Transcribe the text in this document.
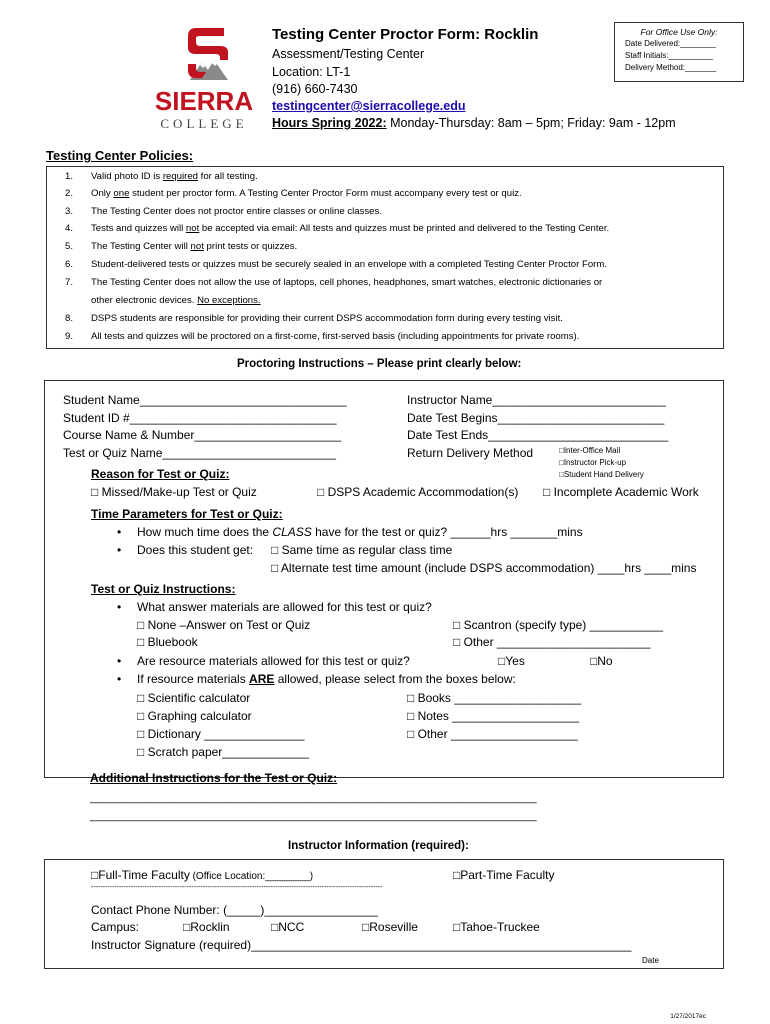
SIERRA
COLLEGE
Testing Center Proctor Form: Rocklin
Assessment/Testing Center
Location: LT-1
(916) 660-7430
testingcenter@sierracollege.edu
Hours Spring 2022: Monday-Thursday: 8am – 5pm; Friday: 9am - 12pm
For Office Use Only:
Date Delivered:________
Staff Initials:__________
Delivery Method:_______
Testing Center Policies:
1. Valid photo ID is required for all testing.
2. Only one student per proctor form. A Testing Center Proctor Form must accompany every test or quiz.
3. The Testing Center does not proctor entire classes or online classes.
4. Tests and quizzes will not be accepted via email: All tests and quizzes must be printed and delivered to the Testing Center.
5. The Testing Center will not print tests or quizzes.
6. Student-delivered tests or quizzes must be securely sealed in an envelope with a completed Testing Center Proctor Form.
7. The Testing Center does not allow the use of laptops, cell phones, headphones, smart watches, electronic dictionaries or
other electronic devices. No exceptions.
8. DSPS students are responsible for providing their current DSPS accommodation form during every testing visit.
9. All tests and quizzes will be proctored on a first-come, first-served basis (including appointments for private rooms).
Proctoring Instructions – Please print clearly below:
Student Name_______________________________
Student ID #_______________________________
Course Name & Number______________________
Test or Quiz Name__________________________
Instructor Name__________________________
Date Test Begins_________________________
Date Test Ends___________________________
Return Delivery Method	□Inter-Office Mail
□Instructor Pick-up
□Student Hand Delivery
Reason for Test or Quiz:
□ Missed/Make-up Test or Quiz	□ DSPS Academic Accommodation(s) □ Incomplete Academic Work
Time Parameters for Test or Quiz:
• How much time does the CLASS have for the test or quiz? ______hrs _______mins
• Does this student get: □ Same time as regular class time
□ Alternate test time amount (include DSPS accommodation) ____hrs ____mins
Test or Quiz Instructions:
• What answer materials are allowed for this test or quiz?
□ None –Answer on Test or Quiz	□ Scantron (specify type) ___________
□ Bluebook	□ Other _______________________
• Are resource materials allowed for this test or quiz?	□Yes	□No
• If resource materials ARE allowed, please select from the boxes below:
□ Scientific calculator
□ Graphing calculator
□ Dictionary _______________
□ Scratch paper_____________
□ Books ___________________
□ Notes ___________________
□ Other ___________________
Additional Instructions for the Test or Quiz:
_________________________________________________________________________
_________________________________________________________________________
Instructor Information (required):
□Full-Time Faculty (Office Location:________)	□Part-Time Faculty
-----------------------------------------------------------------------------------------------------------------------------
Contact Phone Number: (_____)_________________
Campus:	□Rocklin	□NCC	□Roseville	□Tahoe-Truckee
Instructor Signature (required)_________________________________________________________
Date
1/27/2017ec
